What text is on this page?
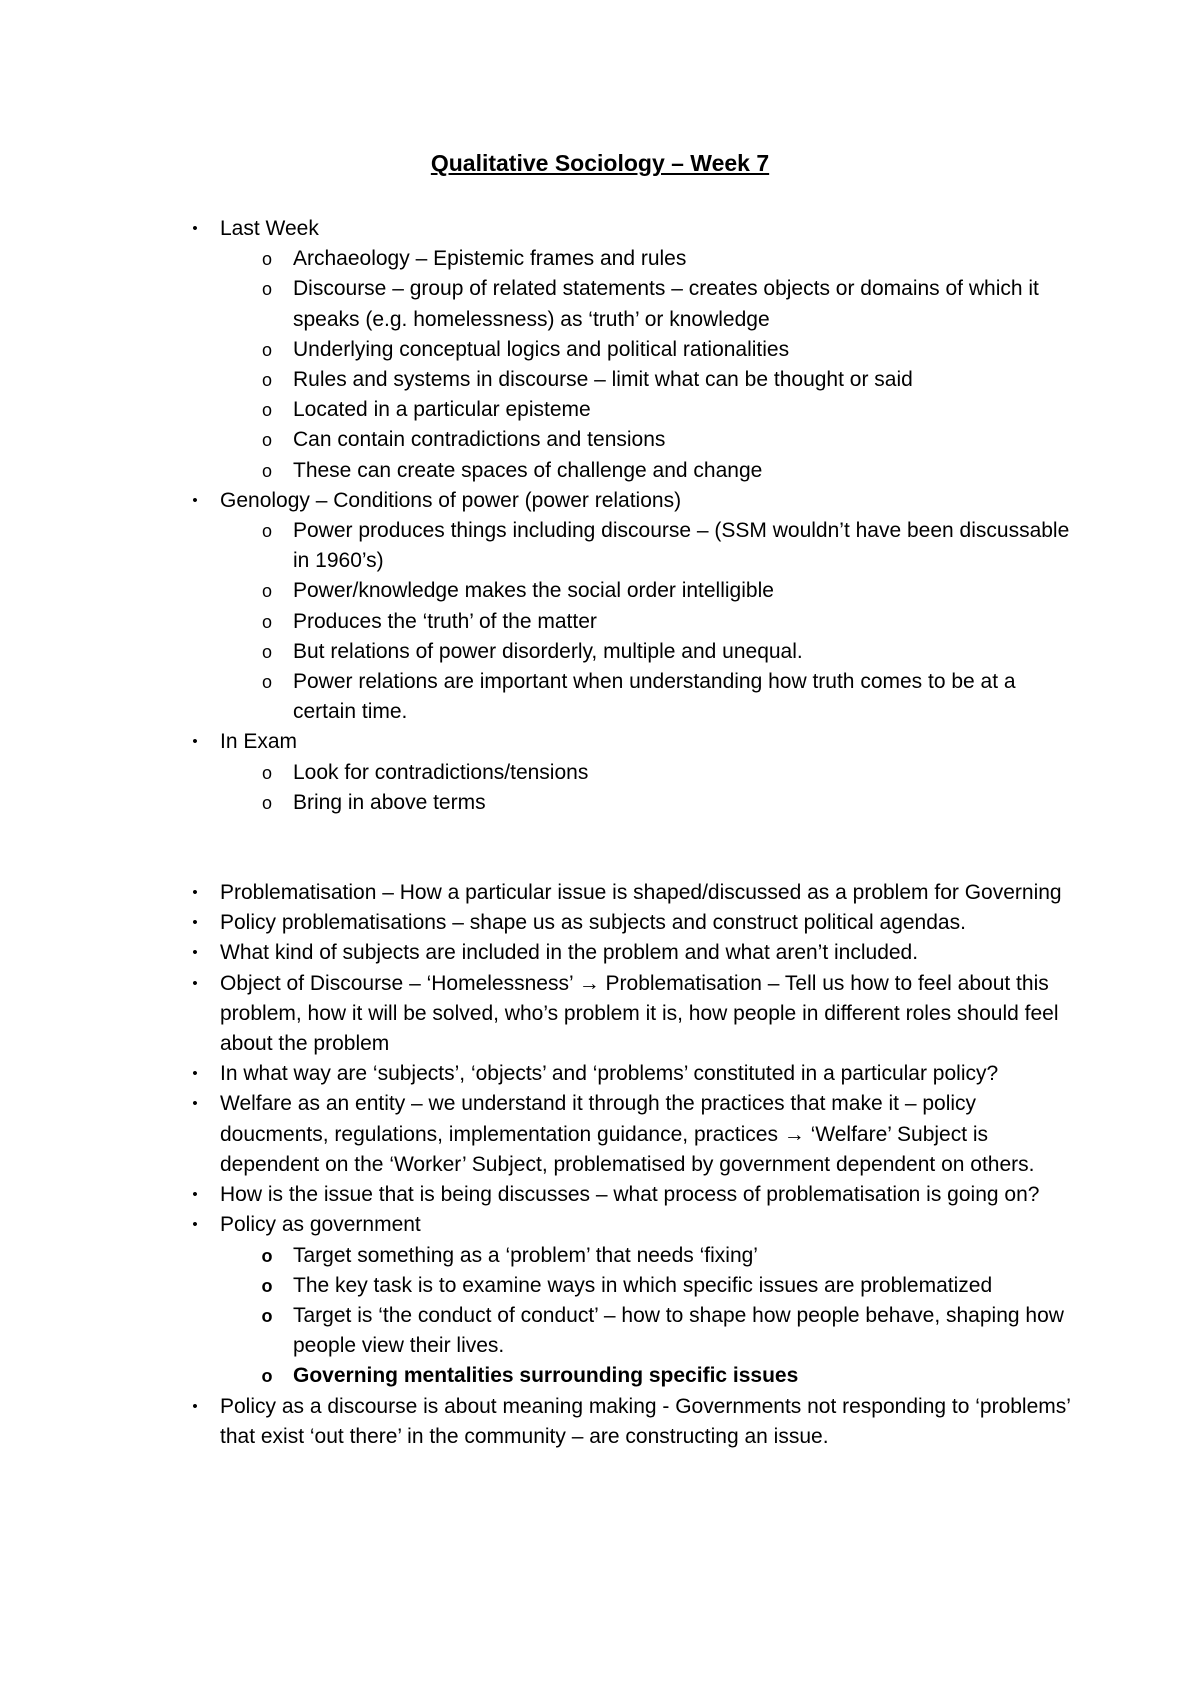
Qualitative Sociology – Week 7
• Last Week
o Archaeology – Epistemic frames and rules
o Discourse – group of related statements – creates objects or domains of which it speaks (e.g. homelessness) as ‘truth’ or knowledge
o Underlying conceptual logics and political rationalities
o Rules and systems in discourse – limit what can be thought or said
o Located in a particular episteme
o Can contain contradictions and tensions
o These can create spaces of challenge and change
• Genology – Conditions of power (power relations)
o Power produces things including discourse – (SSM wouldn’t have been discussable in 1960’s)
o Power/knowledge makes the social order intelligible
o Produces the ‘truth’ of the matter
o But relations of power disorderly, multiple and unequal.
o Power relations are important when understanding how truth comes to be at a certain time.
• In Exam
o Look for contradictions/tensions
o Bring in above terms
• Problematisation – How a particular issue is shaped/discussed as a problem for Governing
• Policy problematisations – shape us as subjects and construct political agendas.
• What kind of subjects are included in the problem and what aren’t included.
• Object of Discourse – ‘Homelessness’ → Problematisation – Tell us how to feel about this problem, how it will be solved, who’s problem it is, how people in different roles should feel about the problem
• In what way are ‘subjects’, ‘objects’ and ‘problems’ constituted in a particular policy?
• Welfare as an entity – we understand it through the practices that make it – policy doucments, regulations, implementation guidance, practices → ‘Welfare’ Subject is dependent on the ‘Worker’ Subject, problematised by government dependent on others.
• How is the issue that is being discusses – what process of problematisation is going on?
• Policy as government
o Target something as a ‘problem’ that needs ‘fixing’
o The key task is to examine ways in which specific issues are problematized
o Target is ‘the conduct of conduct’ – how to shape how people behave, shaping how people view their lives.
o Governing mentalities surrounding specific issues
• Policy as a discourse is about meaning making - Governments not responding to ‘problems’ that exist ‘out there’ in the community – are constructing an issue.
